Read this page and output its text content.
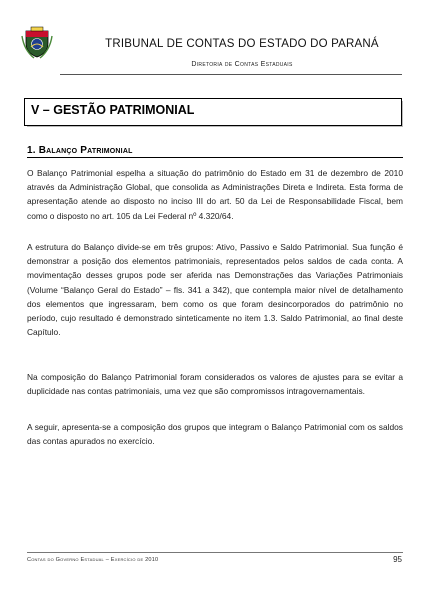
TRIBUNAL DE CONTAS DO ESTADO DO PARANÁ
Diretoria de Contas Estaduais
V – GESTÃO PATRIMONIAL
1. Balanço Patrimonial
O Balanço Patrimonial espelha a situação do patrimônio do Estado em 31 de dezembro de 2010 através da Administração Global, que consolida as Administrações Direta e Indireta. Esta forma de apresentação atende ao disposto no inciso III do art. 50 da Lei de Responsabilidade Fiscal, bem como o disposto no art. 105 da Lei Federal nº 4.320/64.
A estrutura do Balanço divide-se em três grupos: Ativo, Passivo e Saldo Patrimonial. Sua função é demonstrar a posição dos elementos patrimoniais, representados pelos saldos de cada conta. A movimentação desses grupos pode ser aferida nas Demonstrações das Variações Patrimoniais (Volume “Balanço Geral do Estado” – fls. 341 a 342), que contempla maior nível de detalhamento dos elementos que ingressaram, bem como os que foram desincorporados do patrimônio no período, cujo resultado é demonstrado sinteticamente no item 1.3. Saldo Patrimonial, ao final deste Capítulo.
Na composição do Balanço Patrimonial foram considerados os valores de ajustes para se evitar a duplicidade nas contas patrimoniais, uma vez que são compromissos intragovernamentais.
A seguir, apresenta-se a composição dos grupos que integram o Balanço Patrimonial com os saldos das contas apurados no exercício.
Contas do Governo Estadual – Exercício de 2010	95
